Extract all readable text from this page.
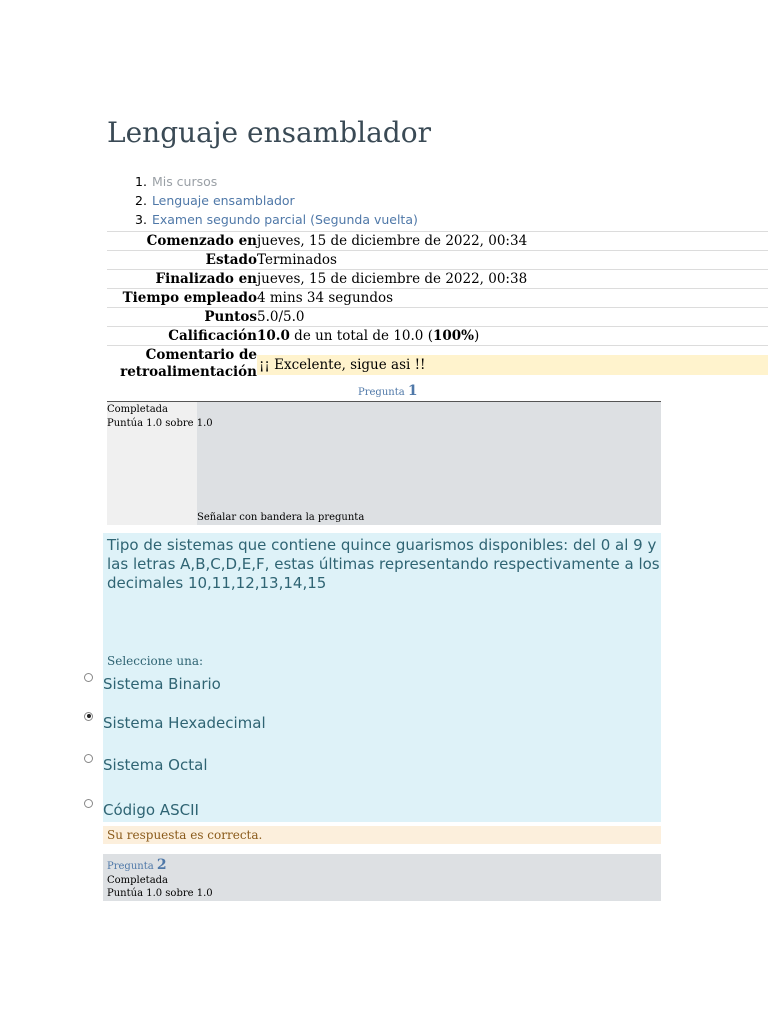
Lenguaje ensamblador
1. Mis cursos
2. Lenguaje ensamblador
3. Examen segundo parcial (Segunda vuelta)
Comenzado en jueves, 15 de diciembre de 2022, 00:34
Estado Terminados
Finalizado en jueves, 15 de diciembre de 2022, 00:38
Tiempo empleado 4 mins 34 segundos
Puntos 5.0/5.0
Calificación 10.0 de un total de 10.0 (100%)
Comentario de retroalimentación ¡¡ Excelente, sigue asi !!
Pregunta 1
Completada
Puntúa 1.0 sobre 1.0
Señalar con bandera la pregunta

Tipo de sistemas que contiene quince guarismos disponibles: del 0 al 9 y las letras A,B,C,D,E,F, estas últimas representando respectivamente a los decimales 10,11,12,13,14,15

Seleccione una:
Sistema Binario
Sistema Hexadecimal
Sistema Octal
Código ASCII
Su respuesta es correcta.
Pregunta 2
Completada
Puntúa 1.0 sobre 1.0
